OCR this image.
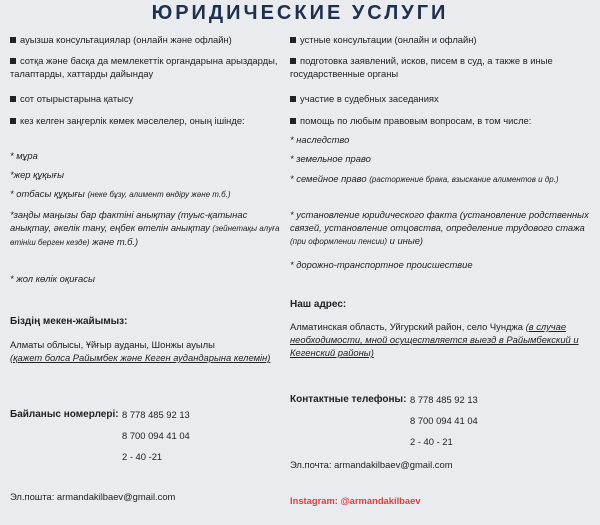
ЮРИДИЧЕСКИЕ УСЛУГИ
ауызша консультациялар (онлайн және офлайн)
сотқа және басқа да мемлекеттік органдарына арыздарды, талаптарды, хаттарды дайындау
сот отырыстарына қатысу
кез келген заңгерлік көмек мәселелер, оның ішінде:
* мұра
*жер құқығы
* отбасы құқығы (неке бұзу, алимент өндіру және т.б.)
*заңды маңызы бар фактіні анықтау (туыс-қатынас анықтау, әкелік тану, еңбек өтелін анықтау (зейнетақы алуға өтініш берген кезде) және т.б.)
* жол көлік оқиғасы
Біздің мекен-жайымыз:
Алматы облысы, Ұйғыр ауданы, Шонжы ауылы
(қажет болса Райымбек және Кеген аудандарына келемін)
Байланыс номерлері: 8 778 485 92 13
8 700 094 41 04
2 - 40 -21
Эл.пошта: armandakilbaev@gmail.com
устные консультации (онлайн и офлайн)
подготовка заявлений, исков, писем в суд, а также в иные государственные органы
участие в судебных заседаниях
помощь по любым правовым вопросам, в том числе:
* наследство
* земельное право
* семейное право (расторжение брака, взыскание алиментов и др.)
* установление юридического факта (установление родственных связей, установление отцовства, определение трудового стажа (при оформлении пенсии) и иные)
* дорожно-транспортное происшествие
Наш адрес:
Алматинская область, Уйгурский район, село Чунджа (в случае необходимости, мной осуществляется выезд в Райымбекский и Кегенский районы)
Контактные телефоны: 8 778 485 92 13
8 700 094 41 04
2 - 40 - 21
Эл.почта: armandakilbaev@gmail.com
Instagram: @armandakilbaev
